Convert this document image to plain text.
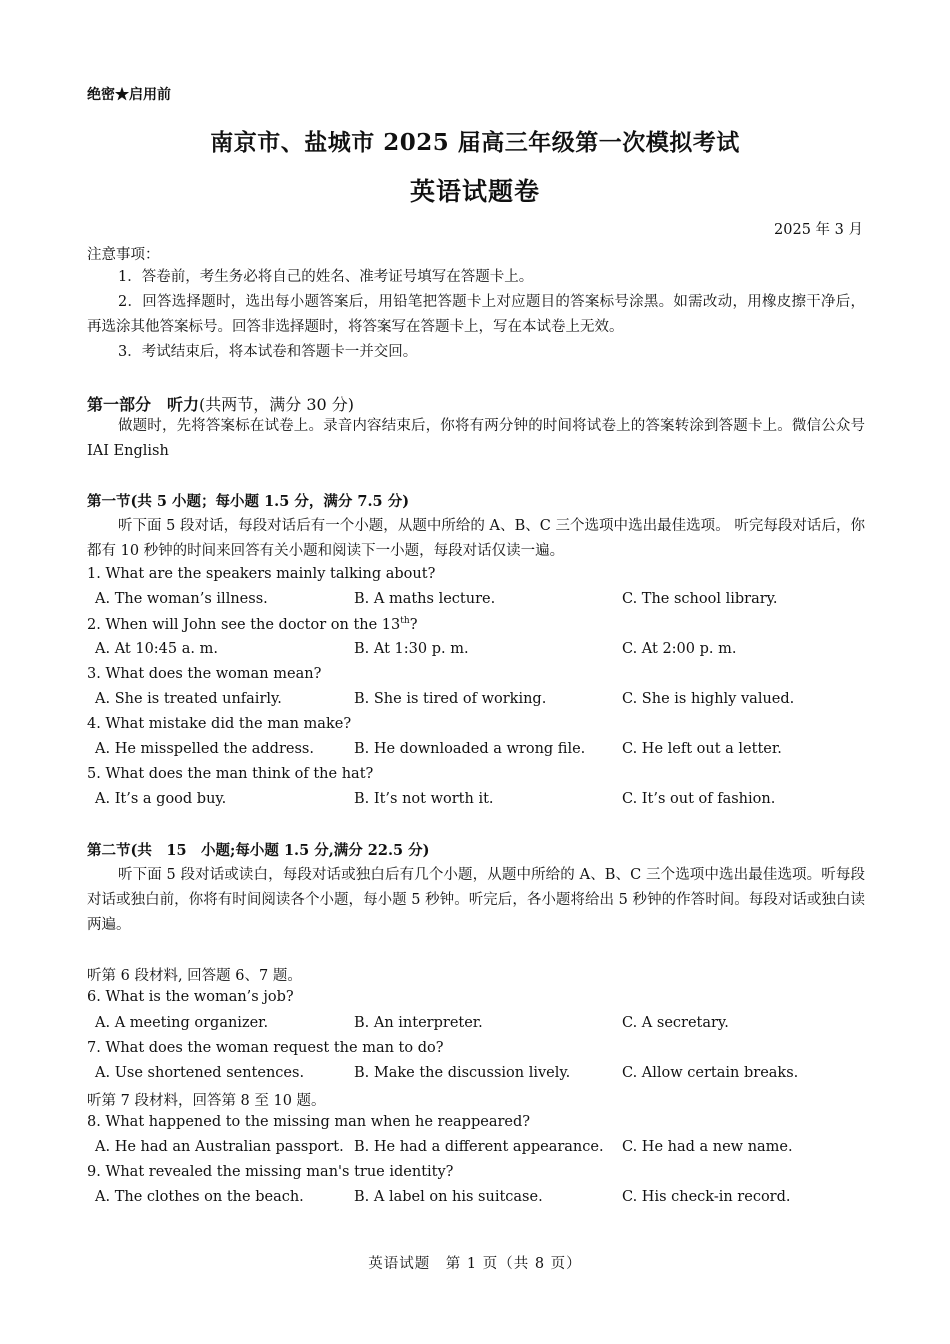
绝密★启用前
南京市、盐城市 2025 届高三年级第一次模拟考试
英语试题卷
2025 年 3 月
注意事项：
1．答卷前，考生务必将自己的姓名、准考证号填写在答题卡上。
2．回答选择题时，选出每小题答案后，用铅笔把答题卡上对应题目的答案标号涂黑。如需改动，用橡皮擦干净后，再选涂其他答案标号。回答非选择题时，将答案写在答题卡上，写在本试卷上无效。
3．考试结束后，将本试卷和答题卡一并交回。
第一部分　听力(共两节，满分 30 分)
做题时，先将答案标在试卷上。录音内容结束后，你将有两分钟的时间将试卷上的答案转涂到答题卡上。微信公众号 IAI English
第一节(共 5 小题；每小题 1.5 分，满分 7.5 分)
听下面 5 段对话，每段对话后有一个小题，从题中所给的 A、B、C 三个选项中选出最佳选项。 听完每段对话后，你都有 10 秒钟的时间来回答有关小题和阅读下一小题，每段对话仅读一遍。
1. What are the speakers mainly talking about?
A. The woman’s illness.	B. A maths lecture.	C. The school library.
2. When will John see the doctor on the 13th?
A. At 10:45 a. m.	B. At 1:30 p. m.	C. At 2:00 p. m.
3. What does the woman mean?
A. She is treated unfairly.	B. She is tired of working.	C. She is highly valued.
4. What mistake did the man make?
A. He misspelled the address.	B. He downloaded a wrong file.	C. He left out a letter.
5. What does the man think of the hat?
A. It’s a good buy.	B. It’s not worth it.	C. It’s out of fashion.
第二节(共　15　小题;每小题 1.5 分,满分 22.5 分)
听下面 5 段对话或读白，每段对话或独白后有几个小题，从题中所给的 A、B、C 三个选项中选出最佳选项。听每段对话或独白前，你将有时间阅读各个小题，每小题 5 秒钟。听完后，各小题将给出 5 秒钟的作答时间。每段对话或独白读两遍。
听第 6 段材料, 回答题 6、7 题。
6. What is the woman’s job?
A. A meeting organizer.	B. An interpreter.	C. A secretary.
7. What does the woman request the man to do?
A. Use shortened sentences.	B. Make the discussion lively.	C. Allow certain breaks.
听第 7 段材料，回答第 8 至 10 题。
8. What happened to the missing man when he reappeared?
A. He had an Australian passport. B. He had a different appearance. C. He had a new name.
9. What revealed the missing man's true identity?
A. The clothes on the beach.	B. A label on his suitcase.	C. His check-in record.
英语试题　第 1 页（共 8 页）
